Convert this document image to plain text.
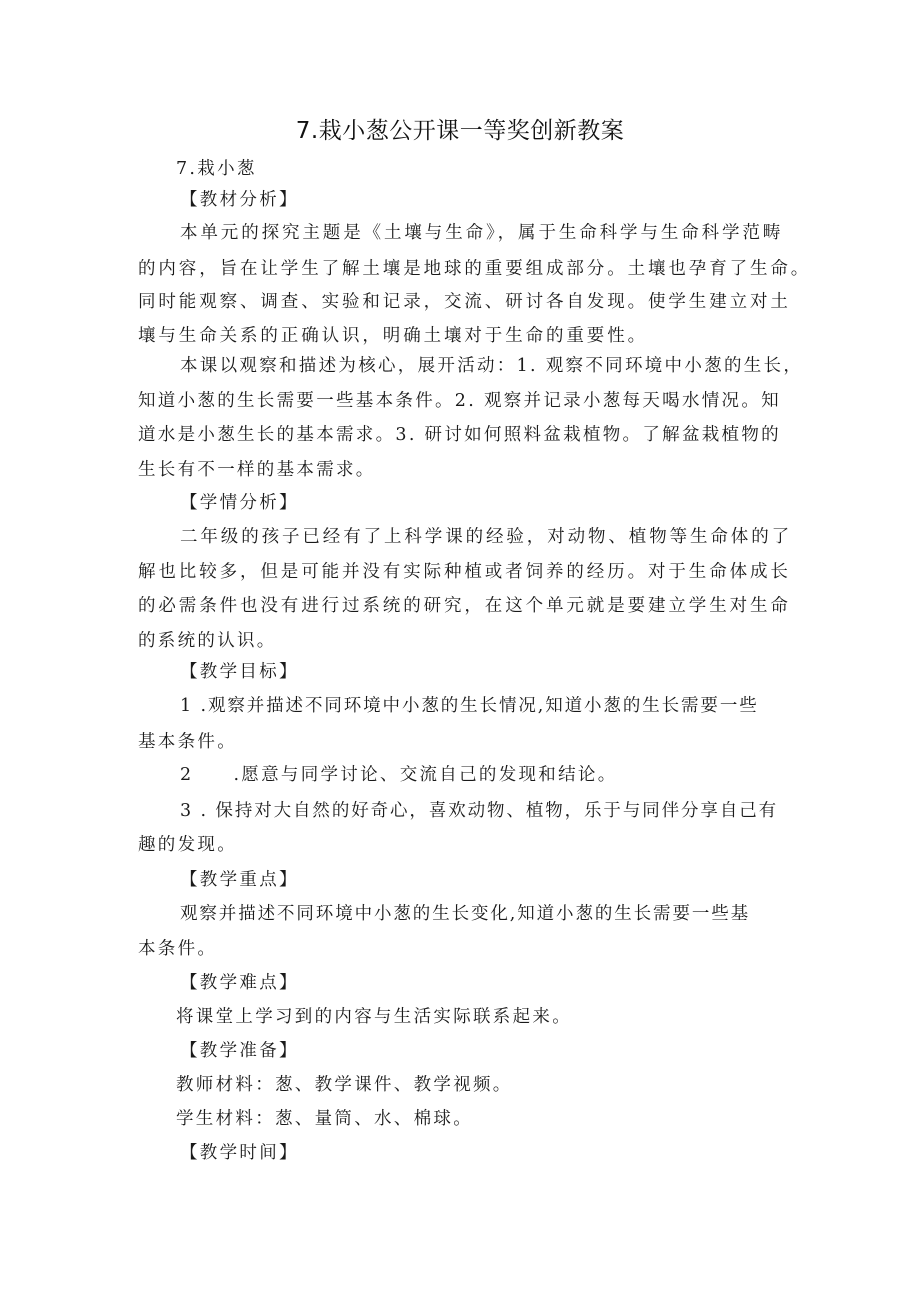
7.栽小葱公开课一等奖创新教案
7.栽小葱
【教材分析】
本单元的探究主题是《土壤与生命》，属于生命科学与生命科学范畴
的内容，旨在让学生了解土壤是地球的重要组成部分。土壤也孕育了生命。
同时能观察、调查、实验和记录，交流、研讨各自发现。使学生建立对土
壤与生命关系的正确认识，明确土壤对于生命的重要性。
本课以观察和描述为核心，展开活动：1. 观察不同环境中小葱的生长，
知道小葱的生长需要一些基本条件。2. 观察并记录小葱每天喝水情况。知
道水是小葱生长的基本需求。3. 研讨如何照料盆栽植物。了解盆栽植物的
生长有不一样的基本需求。
【学情分析】
二年级的孩子已经有了上科学课的经验，对动物、植物等生命体的了
解也比较多，但是可能并没有实际种植或者饲养的经历。对于生命体成长
的必需条件也没有进行过系统的研究，在这个单元就是要建立学生对生命
的系统的认识。
【教学目标】
1 .观察并描述不同环境中小葱的生长情况,知道小葱的生长需要一些
基本条件。
2 .愿意与同学讨论、交流自己的发现和结论。
3 . 保持对大自然的好奇心，喜欢动物、植物，乐于与同伴分享自己有
趣的发现。
【教学重点】
观察并描述不同环境中小葱的生长变化,知道小葱的生长需要一些基
本条件。
【教学难点】
将课堂上学习到的内容与生活实际联系起来。
【教学准备】
教师材料：葱、教学课件、教学视频。
学生材料：葱、量筒、水、棉球。
【教学时间】
